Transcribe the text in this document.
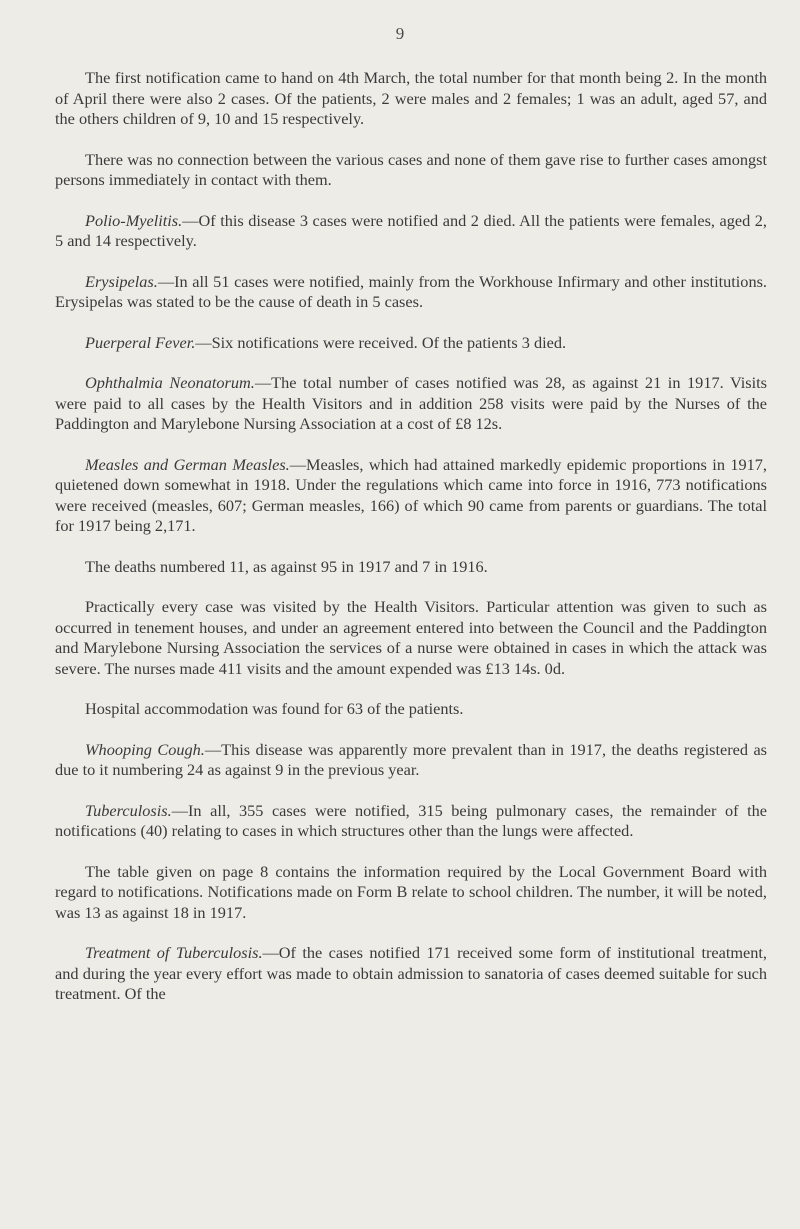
9

The first notification came to hand on 4th March, the total number for that month being 2. In the month of April there were also 2 cases. Of the patients, 2 were males and 2 females; 1 was an adult, aged 57, and the others children of 9, 10 and 15 respectively.

There was no connection between the various cases and none of them gave rise to further cases amongst persons immediately in contact with them.

Polio-Myelitis.—Of this disease 3 cases were notified and 2 died. All the patients were females, aged 2, 5 and 14 respectively.

Erysipelas.—In all 51 cases were notified, mainly from the Workhouse Infirmary and other institutions. Erysipelas was stated to be the cause of death in 5 cases.

Puerperal Fever.—Six notifications were received. Of the patients 3 died.

Ophthalmia Neonatorum.—The total number of cases notified was 28, as against 21 in 1917. Visits were paid to all cases by the Health Visitors and in addition 258 visits were paid by the Nurses of the Paddington and Marylebone Nursing Association at a cost of £8 12s.

Measles and German Measles.—Measles, which had attained markedly epidemic proportions in 1917, quietened down somewhat in 1918. Under the regulations which came into force in 1916, 773 notifications were received (measles, 607; German measles, 166) of which 90 came from parents or guardians. The total for 1917 being 2,171.

The deaths numbered 11, as against 95 in 1917 and 7 in 1916.

Practically every case was visited by the Health Visitors. Particular attention was given to such as occurred in tenement houses, and under an agreement entered into between the Council and the Paddington and Marylebone Nursing Association the services of a nurse were obtained in cases in which the attack was severe. The nurses made 411 visits and the amount expended was £13 14s. 0d.

Hospital accommodation was found for 63 of the patients.

Whooping Cough.—This disease was apparently more prevalent than in 1917, the deaths registered as due to it numbering 24 as against 9 in the previous year.

Tuberculosis.—In all, 355 cases were notified, 315 being pulmonary cases, the remainder of the notifications (40) relating to cases in which structures other than the lungs were affected.

The table given on page 8 contains the information required by the Local Government Board with regard to notifications. Notifications made on Form B relate to school children. The number, it will be noted, was 13 as against 18 in 1917.

Treatment of Tuberculosis.—Of the cases notified 171 received some form of institutional treatment, and during the year every effort was made to obtain admission to sanatoria of cases deemed suitable for such treatment. Of the
